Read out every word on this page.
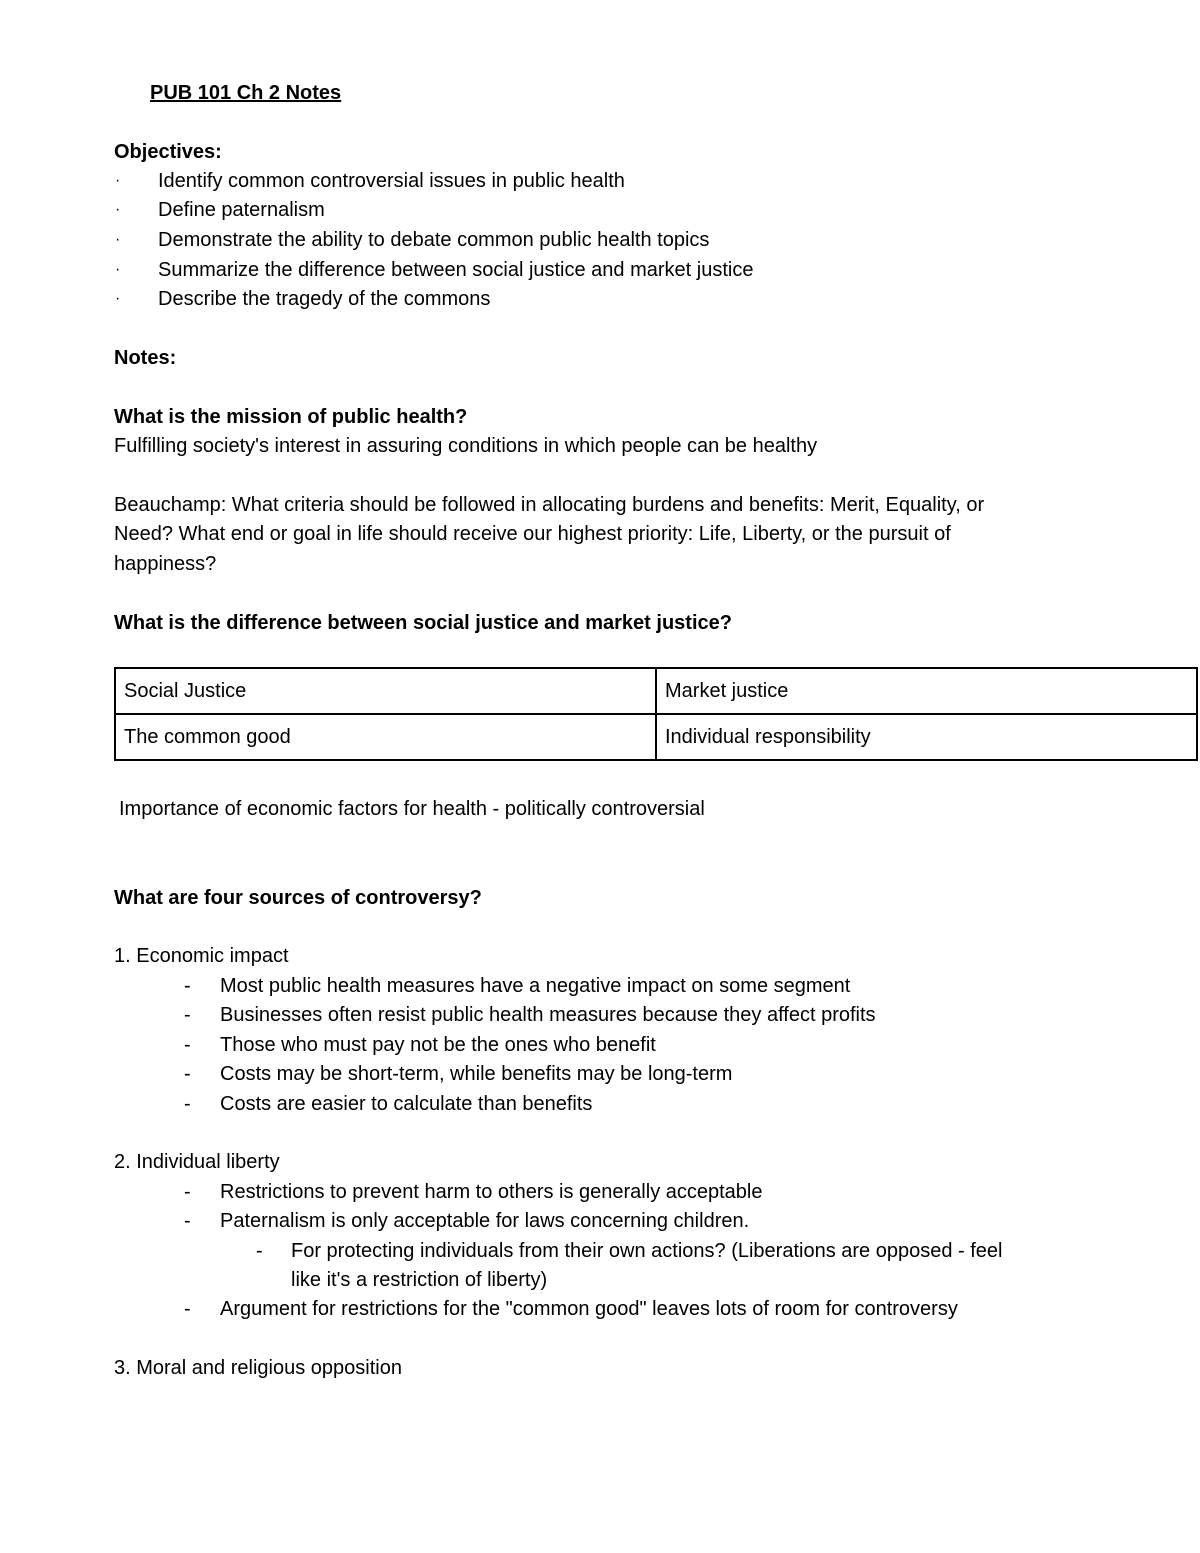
PUB 101 Ch 2 Notes
Objectives:
· Identify common controversial issues in public health
· Define paternalism
· Demonstrate the ability to debate common public health topics
· Summarize the difference between social justice and market justice
· Describe the tragedy of the commons
Notes:
What is the mission of public health?
Fulfilling society's interest in assuring conditions in which people can be healthy
Beauchamp: What criteria should be followed in allocating burdens and benefits: Merit, Equality, or
Need? What end or goal in life should receive our highest priority: Life, Liberty, or the pursuit of
happiness?
What is the difference between social justice and market justice?
Social Justice	Market justice
The common good	Individual responsibility
Importance of economic factors for health - politically controversial
What are four sources of controversy?
1. Economic impact
- Most public health measures have a negative impact on some segment
- Businesses often resist public health measures because they affect profits
- Those who must pay not be the ones who benefit
- Costs may be short-term, while benefits may be long-term
- Costs are easier to calculate than benefits
2. Individual liberty
- Restrictions to prevent harm to others is generally acceptable
- Paternalism is only acceptable for laws concerning children.
- For protecting individuals from their own actions? (Liberations are opposed - feel
like it's a restriction of liberty)
- Argument for restrictions for the "common good" leaves lots of room for controversy
3. Moral and religious opposition
